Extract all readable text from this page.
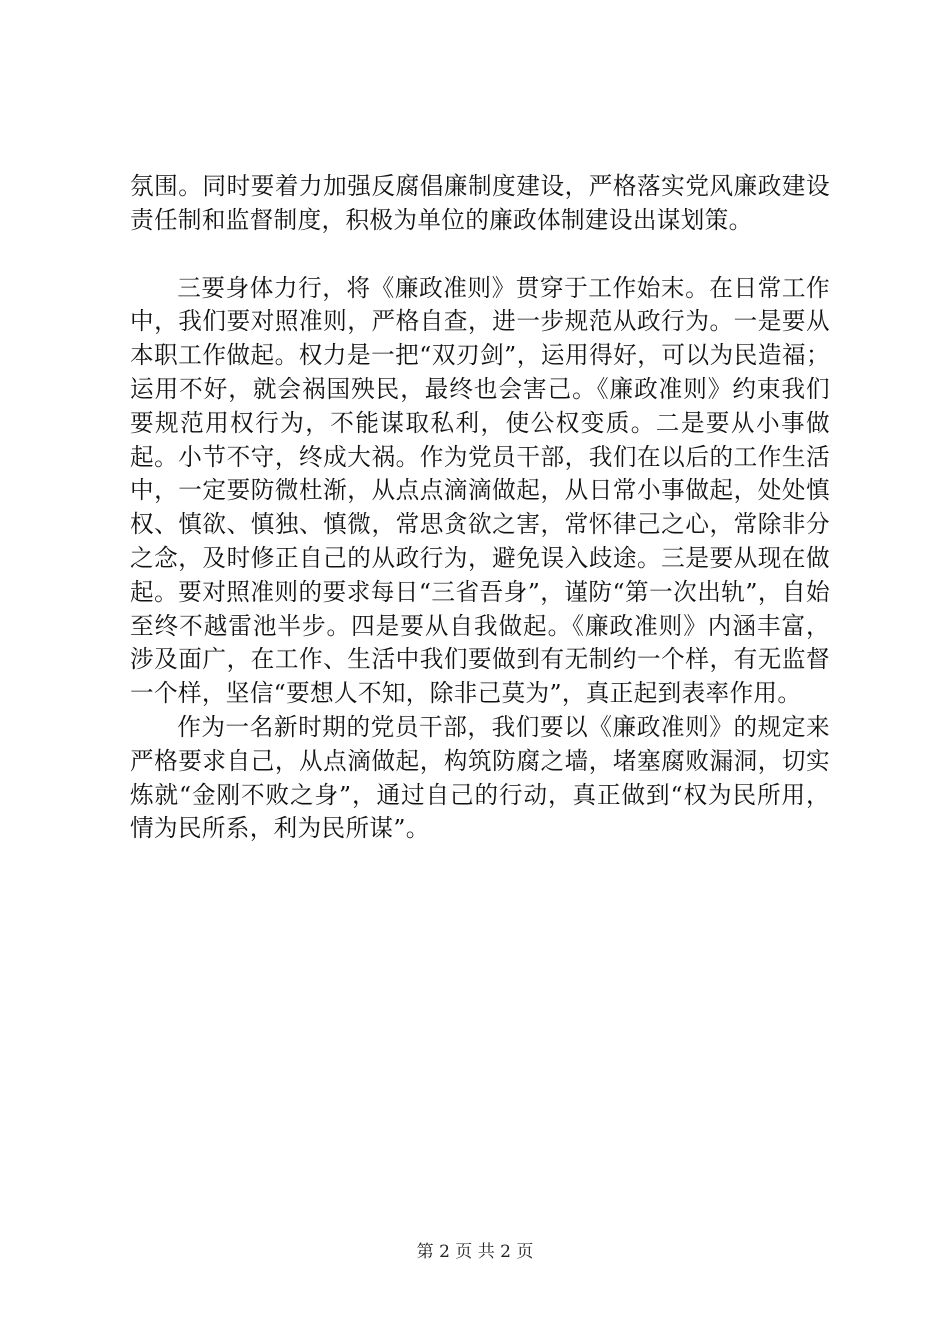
氛围。同时要着力加强反腐倡廉制度建设，严格落实党风廉政建设责任制和监督制度，积极为单位的廉政体制建设出谋划策。

三要身体力行，将《廉政准则》贯穿于工作始末。在日常工作中，我们要对照准则，严格自查，进一步规范从政行为。一是要从本职工作做起。权力是一把“双刃剑”，运用得好，可以为民造福；运用不好，就会祸国殃民，最终也会害己。《廉政准则》约束我们要规范用权行为，不能谋取私利，使公权变质。二是要从小事做起。小节不守，终成大祸。作为党员干部，我们在以后的工作生活中，一定要防微杜渐，从点点滴滴做起，从日常小事做起，处处慎权、慎欲、慎独、慎微，常思贪欲之害，常怀律己之心，常除非分之念，及时修正自己的从政行为，避免误入歧途。三是要从现在做起。要对照准则的要求每日“三省吾身”，谨防“第一次出轨”，自始至终不越雷池半步。四是要从自我做起。《廉政准则》内涵丰富，涉及面广，在工作、生活中我们要做到有无制约一个样，有无监督一个样，坚信“要想人不知，除非己莫为”，真正起到表率作用。

作为一名新时期的党员干部，我们要以《廉政准则》的规定来严格要求自己，从点滴做起，构筑防腐之墙，堵塞腐败漏洞，切实炼就“金刚不败之身”，通过自己的行动，真正做到“权为民所用，情为民所系，利为民所谋”。

第 2 页 共 2 页
